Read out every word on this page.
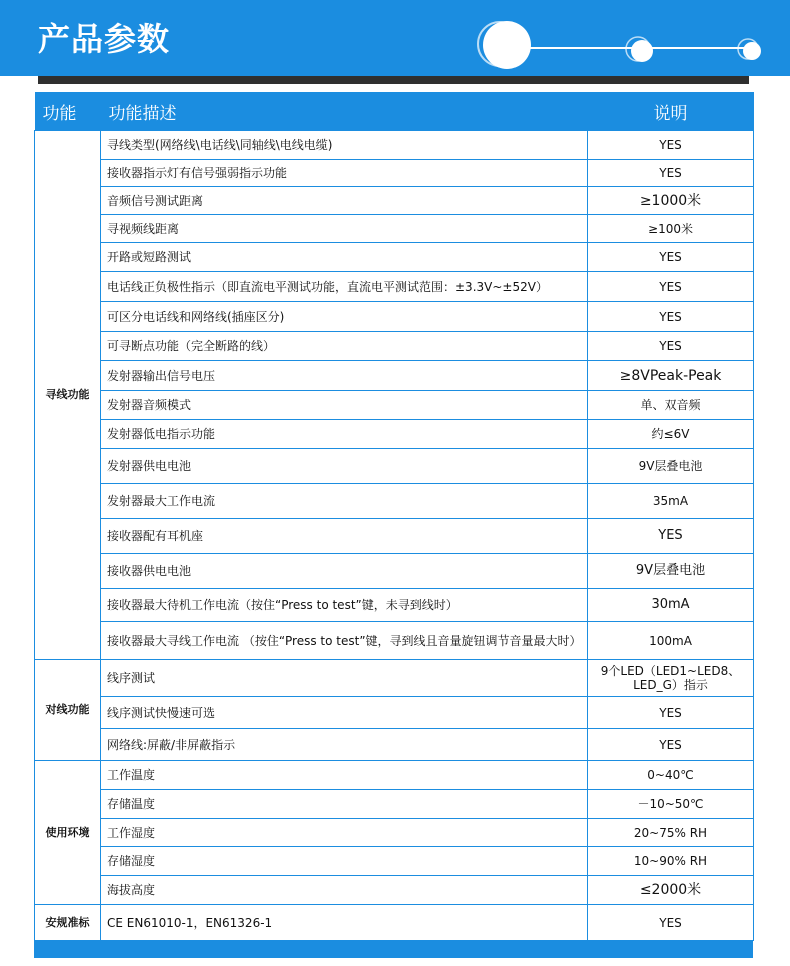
产品参数
功能	功能描述	说明
寻线功能	寻线类型(网络线\电话线\同轴线\电线电缆)	YES
	接收器指示灯有信号强弱指示功能	YES
	音频信号测试距离	≥1000米
	寻视频线距离	≥100米
	开路或短路测试	YES
	电话线正负极性指示（即直流电平测试功能，直流电平测试范围：±3.3V~±52V）	YES
	可区分电话线和网络线(插座区分)	YES
	可寻断点功能（完全断路的线）	YES
	发射器输出信号电压	≥8VPeak-Peak
	发射器音频模式	单、双音频
	发射器低电指示功能	约≤6V
	发射器供电电池	9V层叠电池
	发射器最大工作电流	35mA
	接收器配有耳机座	YES
	接收器供电电池	9V层叠电池
	接收器最大待机工作电流（按住“Press to test”键，未寻到线时）	30mA
	接收器最大寻线工作电流 （按住“Press to test”键，寻到线且音量旋钮调节音量最大时）	100mA
对线功能	线序测试	9个LED（LED1~LED8、LED_G）指示
	线序测试快慢速可选	YES
	网络线:屏蔽/非屏蔽指示	YES
使用环境	工作温度	0~40℃
	存储温度	－10~50℃
	工作湿度	20~75% RH
	存储湿度	10~90% RH
	海拔高度	≤2000米
安规准标	CE EN61010-1，EN61326-1	YES
